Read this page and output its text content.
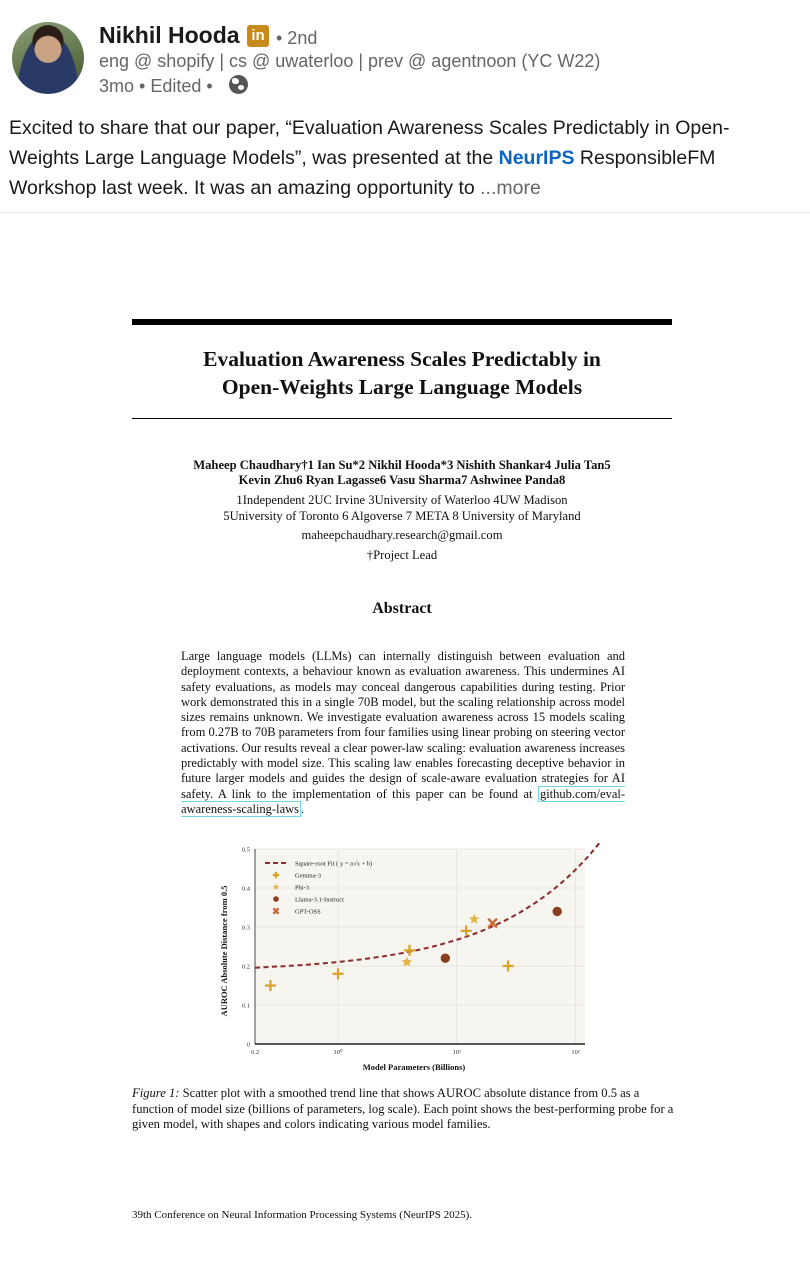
Nikhil Hooda in • 2nd
eng @ shopify | cs @ uwaterloo | prev @ agentnoon (YC W22)
3mo • Edited •
Excited to share that our paper, “Evaluation Awareness Scales Predictably in Open-Weights Large Language Models”, was presented at the NeurIPS ResponsibleFM Workshop last week. It was an amazing opportunity to ...more
Evaluation Awareness Scales Predictably in
Open-Weights Large Language Models
Maheep Chaudhary†1 Ian Su*2 Nikhil Hooda*3 Nishith Shankar4 Julia Tan5
Kevin Zhu6 Ryan Lagasse6 Vasu Sharma7 Ashwinee Panda8
1Independent 2UC Irvine 3University of Waterloo 4UW Madison
5University of Toronto 6 Algoverse 7 META 8 University of Maryland
maheepchaudhary.research@gmail.com
†Project Lead
Abstract
Large language models (LLMs) can internally distinguish between evaluation and deployment contexts, a behaviour known as evaluation awareness. This undermines AI safety evaluations, as models may conceal dangerous capabilities during testing. Prior work demonstrated this in a single 70B model, but the scaling relationship across model sizes remains unknown. We investigate evaluation awareness across 15 models scaling from 0.27B to 70B parameters from four families using linear probing on steering vector activations. Our results reveal a clear power-law scaling: evaluation awareness increases predictably with model size. This scaling law enables forecasting deceptive behavior in future larger models and guides the design of scale-aware evaluation strategies for AI safety. A link to the implementation of this paper can be found at github.com/eval-awareness-scaling-laws .
0
0.1
0.2
0.3
0.4
0.5
0.2	10⁰	10¹	10²
Square-root Fit ( y = a√x + b)
Gemma-3
Phi-3
Llama-3.1-Instruct
GPT-OSS
AUROC Absolute Distance from 0.5
Model Parameters (Billions)
Figure 1: Scatter plot with a smoothed trend line that shows AUROC absolute distance from 0.5 as a function of model size (billions of parameters, log scale). Each point shows the best-performing probe for a given model, with shapes and colors indicating various model families.
39th Conference on Neural Information Processing Systems (NeurIPS 2025).
